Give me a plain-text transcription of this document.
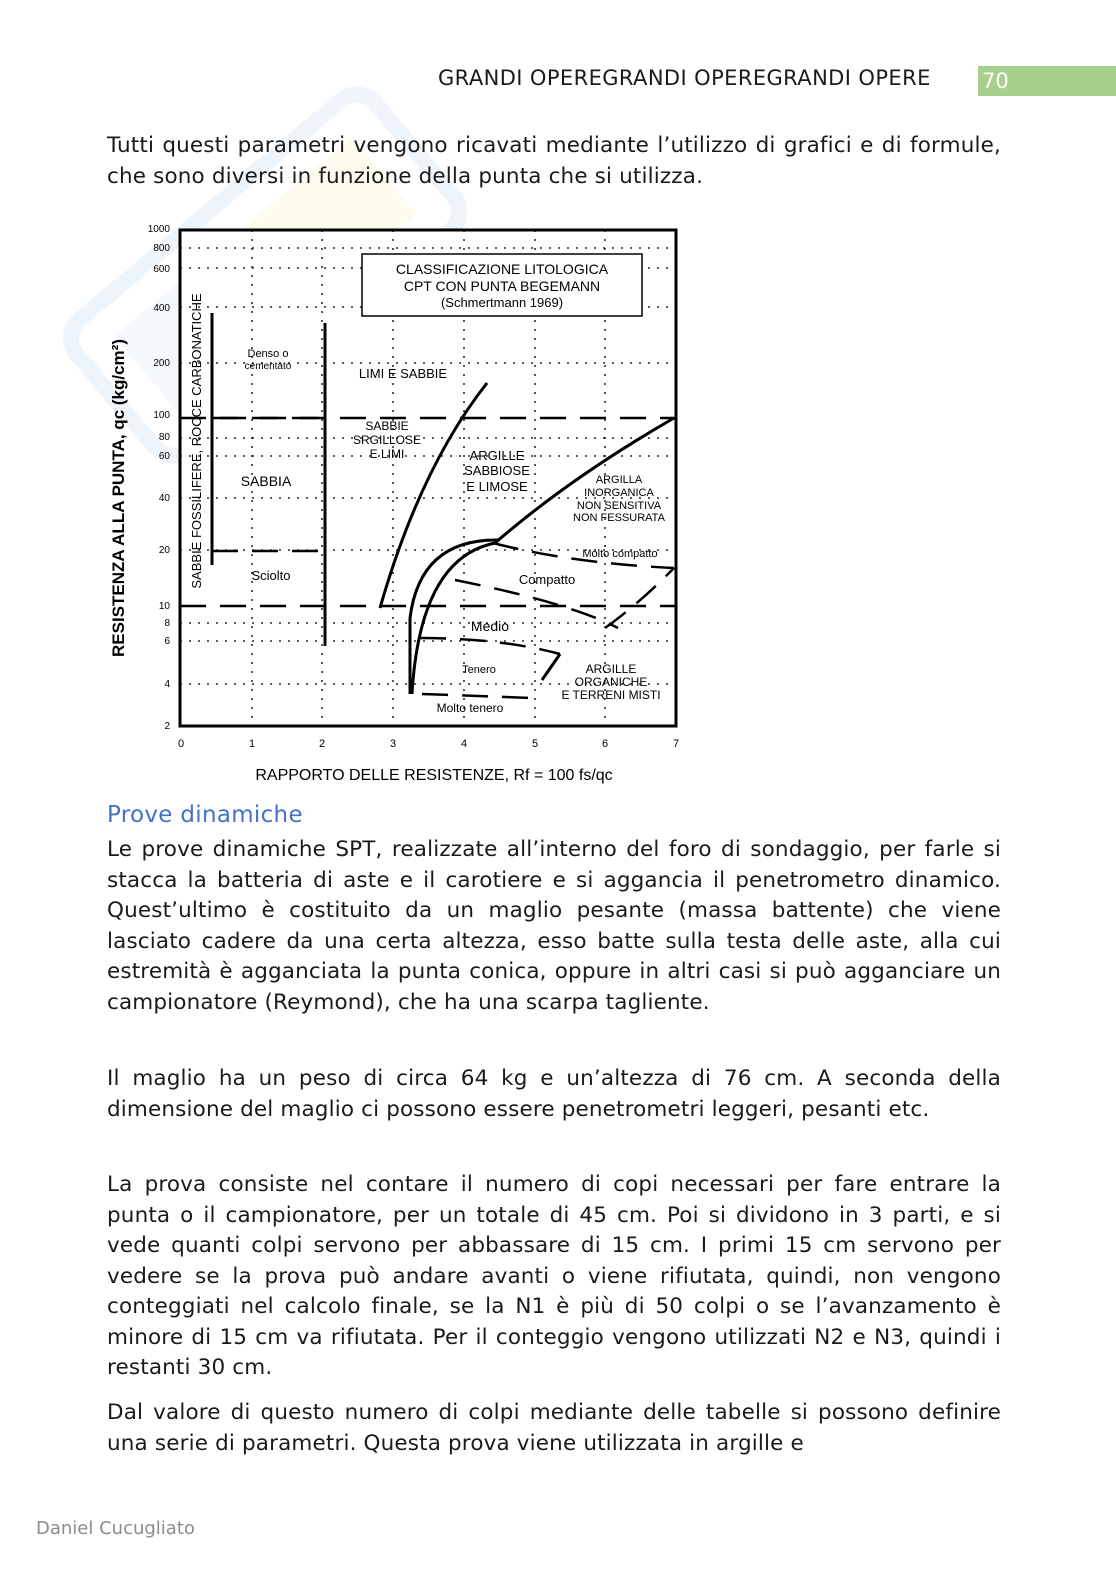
GRANDI OPEREGRANDI OPEREGRANDI OPERE	70

Tutti questi parametri vengono ricavati mediante l’utilizzo di grafici e di formule, che sono diversi in funzione della punta che si utilizza.

CLASSIFICAZIONE LITOLOGICA
CPT CON PUNTA BEGEMANN
(Schmertmann 1969)
1000
800
600
400
200
100
80
60
40
20
10
8
6
4
2
0	1	2	3	4	5	6	7
RAPPORTO DELLE RESISTENZE, Rf = 100 fs/qc
RESISTENZA ALLA PUNTA, qc (kg/cm²)	SABBIE FOSSILIFERE, ROCCE CARBONATICHE	Denso o
cementato
SABBIA
Sciolto
LIMI E SABBIE
SABBIE
SRGILLOSE
E LIMI	ARGILLE
SABBIOSE
E LIMOSE	ARGILLA
INORGANICA
NON SENSITIVA
NON FESSURATA
Molto compatto
Compatto
Medio
Tenero
Molto tenero
ARGILLE
ORGANICHE
E TERRENI MISTI
Prove dinamiche

Le prove dinamiche SPT, realizzate all’interno del foro di sondaggio, per farle si stacca la batteria di aste e il carotiere e si aggancia il penetrometro dinamico. Quest’ultimo è costituito da un maglio pesante (massa battente) che viene lasciato cadere da una certa altezza, esso batte sulla testa delle aste, alla cui estremità è agganciata la punta conica, oppure in altri casi si può agganciare un campionatore (Reymond), che ha una scarpa tagliente.

Il maglio ha un peso di circa 64 kg e un’altezza di 76 cm. A seconda della dimensione del maglio ci possono essere penetrometri leggeri, pesanti etc.

La prova consiste nel contare il numero di copi necessari per fare entrare la punta o il campionatore, per un totale di 45 cm. Poi si dividono in 3 parti, e si vede quanti colpi servono per abbassare di 15 cm. I primi 15 cm servono per vedere se la prova può andare avanti o viene rifiutata, quindi, non vengono conteggiati nel calcolo finale, se la N1 è più di 50 colpi o se l’avanzamento è minore di 15 cm va rifiutata. Per il conteggio vengono utilizzati N2 e N3, quindi i restanti 30 cm.

Dal valore di questo numero di colpi mediante delle tabelle si possono definire una serie di parametri. Questa prova viene utilizzata in argille e

Daniel Cucugliato
